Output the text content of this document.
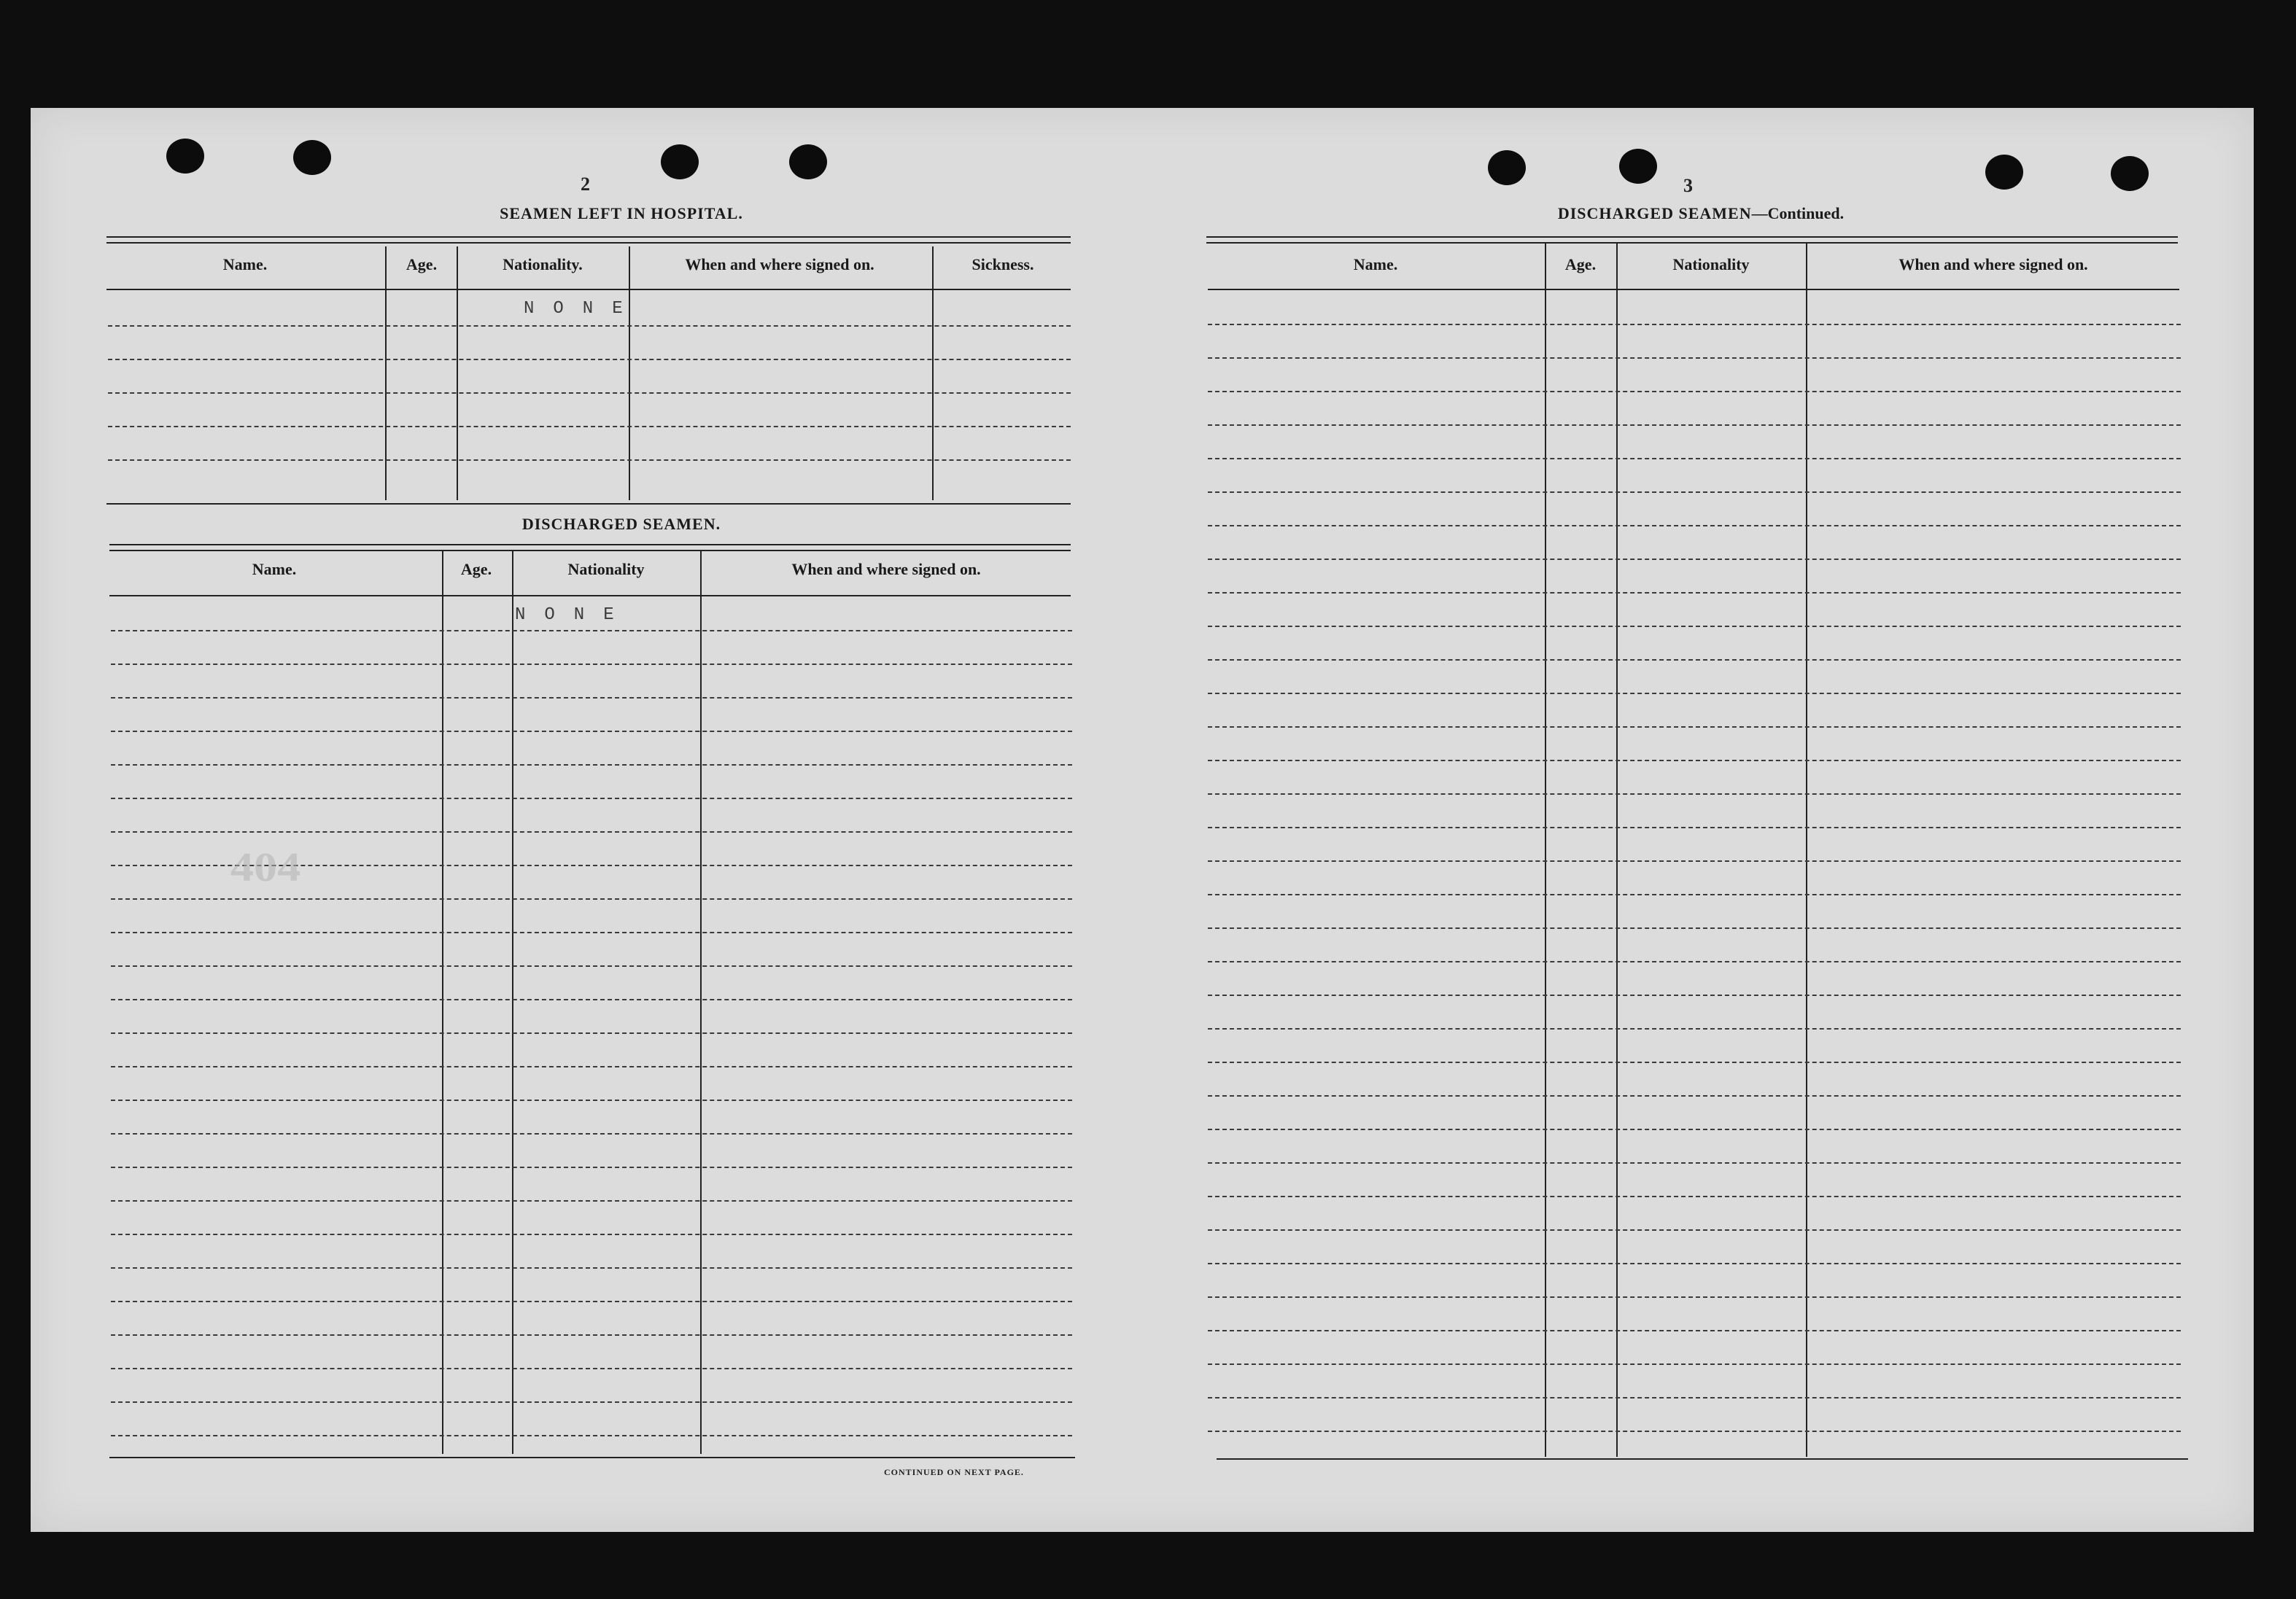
2
SEAMEN LEFT IN HOSPITAL.
Name.	Age.	Nationality.	When and where signed on.	Sickness.
NONE
DISCHARGED SEAMEN.
Name.	Age.	Nationality	When and where signed on.
NONE
404
CONTINUED ON NEXT PAGE.
3
DISCHARGED SEAMEN—Continued.
Name.	Age.	Nationality	When and where signed on.
